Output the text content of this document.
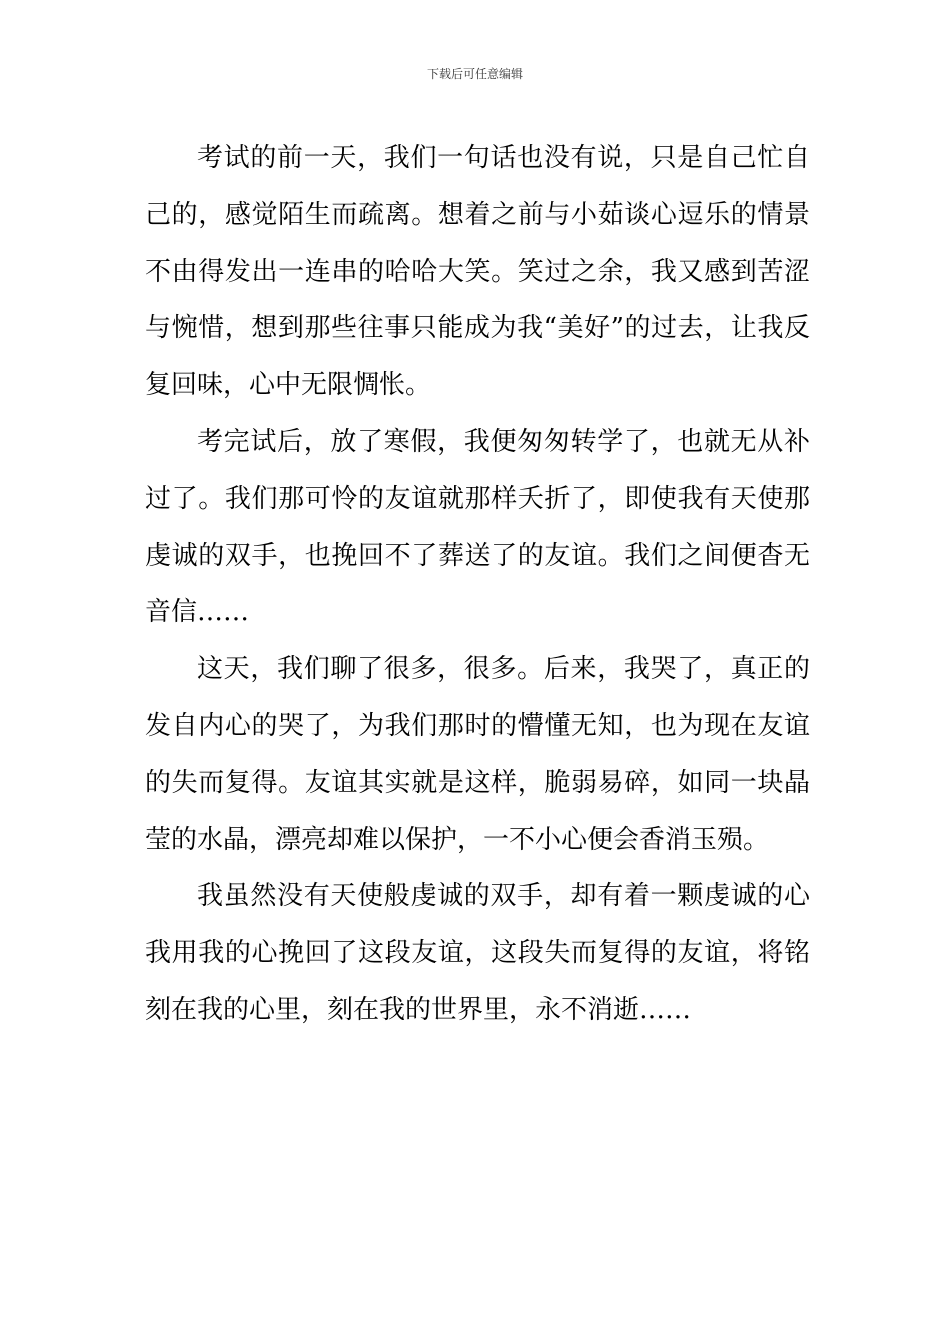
下载后可任意编辑

考试的前一天，我们一句话也没有说，只是自己忙自己的，感觉陌生而疏离。想着之前与小茹谈心逗乐的情景不由得发出一连串的哈哈大笑。笑过之余，我又感到苦涩与惋惜，想到那些往事只能成为我“美好”的过去，让我反复回味，心中无限惆怅。

考完试后，放了寒假，我便匆匆转学了，也就无从补过了。我们那可怜的友谊就那样夭折了，即使我有天使那虔诚的双手，也挽回不了葬送了的友谊。我们之间便杳无音信……

这天，我们聊了很多，很多。后来，我哭了，真正的发自内心的哭了，为我们那时的懵懂无知，也为现在友谊的失而复得。友谊其实就是这样，脆弱易碎，如同一块晶莹的水晶，漂亮却难以保护，一不小心便会香消玉殒。

我虽然没有天使般虔诚的双手，却有着一颗虔诚的心我用我的心挽回了这段友谊，这段失而复得的友谊，将铭刻在我的心里，刻在我的世界里，永不消逝……
